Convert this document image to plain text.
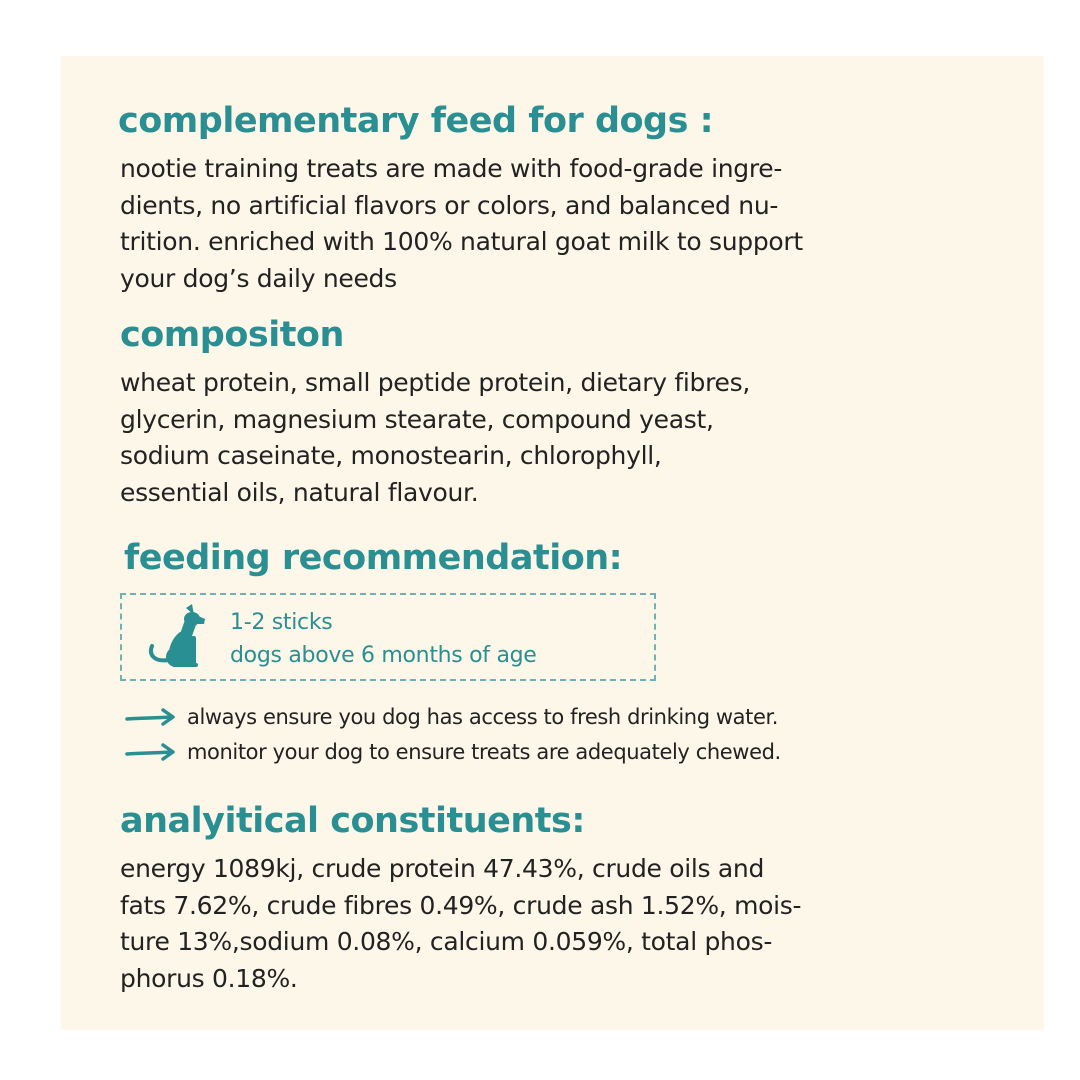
complementary feed for dogs :

nootie training treats are made with food-grade ingre-
dients, no artificial flavors or colors, and balanced nu-
trition. enriched with 100% natural goat milk to support
your dog’s daily needs

compositon

wheat protein, small peptide protein, dietary fibres,
glycerin, magnesium stearate, compound yeast,
sodium caseinate, monostearin, chlorophyll,
essential oils, natural flavour.

feeding recommendation:

1-2 sticks

dogs above 6 months of age

always ensure you dog has access to fresh drinking water.
monitor your dog to ensure treats are adequately chewed.
analyitical constituents:

energy 1089kj, crude protein 47.43%, crude oils and
fats 7.62%, crude fibres 0.49%, crude ash 1.52%, mois-
ture 13%,sodium 0.08%, calcium 0.059%, total phos-
phorus 0.18%.
